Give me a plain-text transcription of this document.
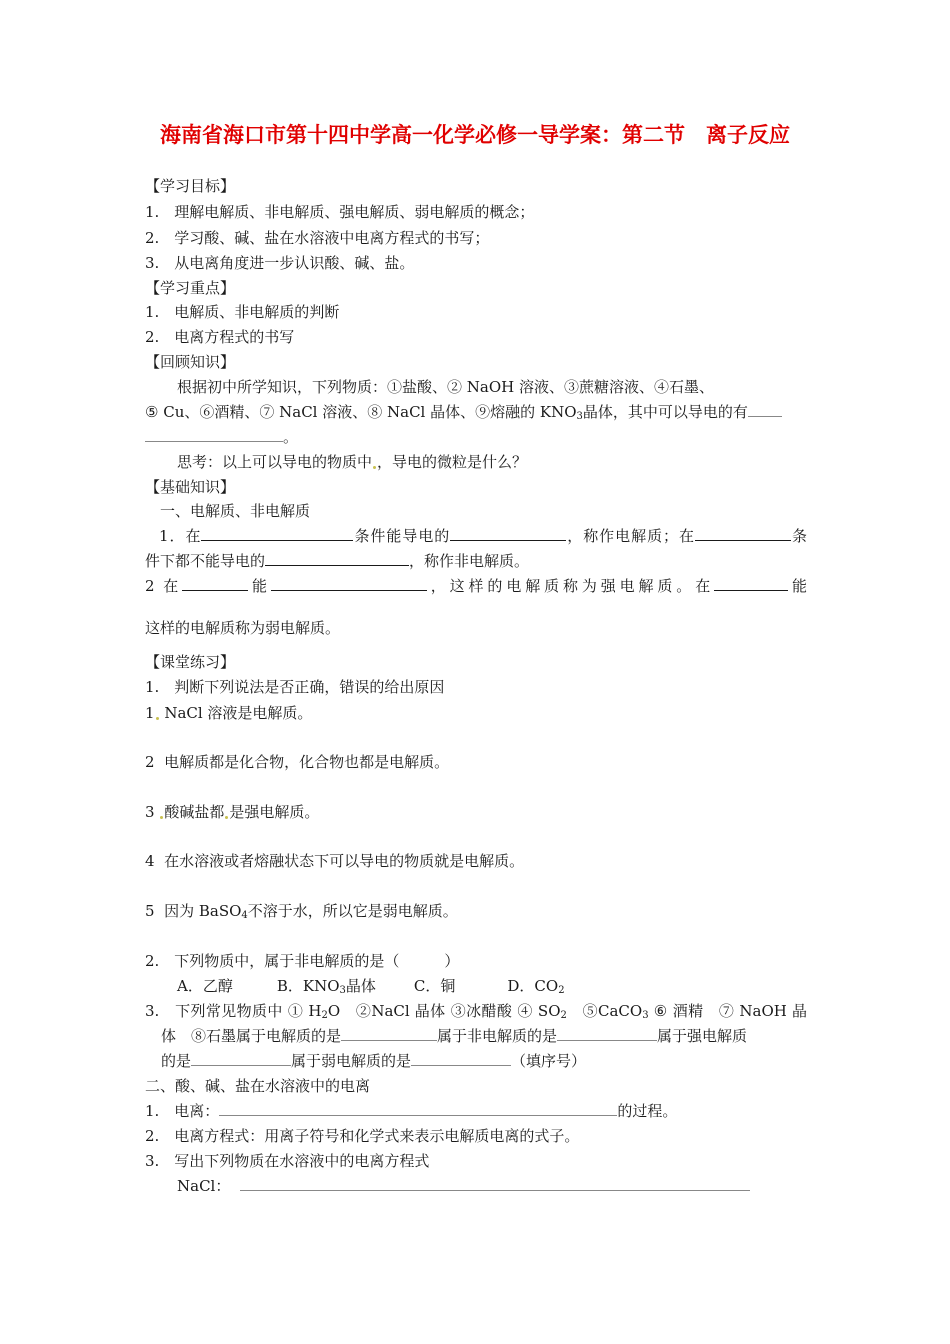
海南省海口市第十四中学高一化学必修一导学案：第二节　离子反应
【学习目标】
1.　理解电解质、非电解质、强电解质、弱电解质的概念；
2.　学习酸、碱、盐在水溶液中电离方程式的书写；
3.　从电离角度进一步认识酸、碱、盐。
【学习重点】
1.　电解质、非电解质的判断
2.　电离方程式的书写
【回顾知识】
根据初中所学知识，下列物质：①盐酸、② NaOH 溶液、③蔗糖溶液、④石墨、
⑤ Cu、⑥酒精、⑦ NaCl 溶液、⑧ NaCl 晶体、⑨熔融的 $KNO_3$晶体，其中可以导电的有
。
思考：以上可以导电的物质中 ，导电的微粒是什么？
【基础知识】
一、电解质、非电解质
1．在	条件能导电的	，称作电解质；在	条
件下都不能导电的	，称作非电解质。
2 在	能	，这样的电解质称为强电解质。在	能
这样的电解质称为弱电解质。
【课堂练习】
1.　判断下列说法是否正确，错误的给出原因
1 NaCl 溶液是电解质。
2 电解质都是化合物，化合物也都是电解质。
3 酸碱盐都 是强电解质。
4 在水溶液或者熔融状态下可以导电的物质就是电解质。
5 因为 BaSO$_4$不溶于水，所以它是弱电解质。
2.　下列物质中，属于非电解质的是（　　　）
A．乙醇	B．$KNO_3$晶体	C．铜	D．$CO_2$
3.　下列常见物质中 ① $H_2O$　②NaCl 晶体 ③冰醋酸 ④ $SO_2$　⑤CaCO$_3$ ⑥ 酒精　⑦ NaOH 晶
体　⑧石墨属于电解质的是	属于非电解质的是	属于强电解质
的是	属于弱电解质的是	（填序号）
二、酸、碱、盐在水溶液中的电离
1.　电离：	的过程。
2.　电离方程式：用离子符号和化学式来表示电解质电离的式子。
3.　写出下列物质在水溶液中的电离方程式
NaCl：
